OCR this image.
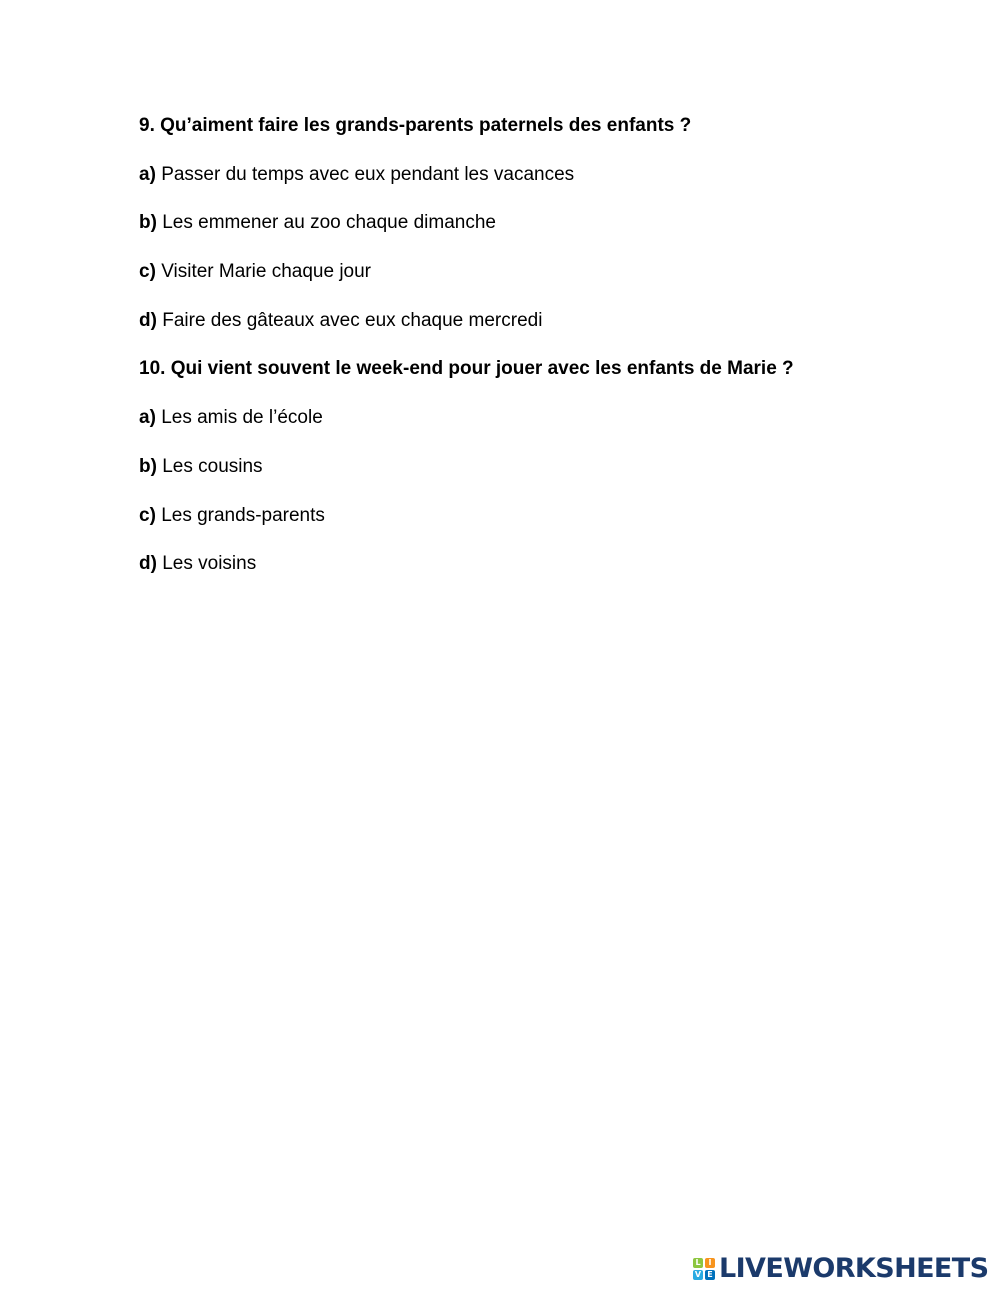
9. Qu’aiment faire les grands-parents paternels des enfants ?
a) Passer du temps avec eux pendant les vacances
b) Les emmener au zoo chaque dimanche
c) Visiter Marie chaque jour
d) Faire des gâteaux avec eux chaque mercredi
10. Qui vient souvent le week-end pour jouer avec les enfants de Marie ?
a) Les amis de l’école
b) Les cousins
c) Les grands-parents
d) Les voisins
L I
V E LIVEWORKSHEETS
